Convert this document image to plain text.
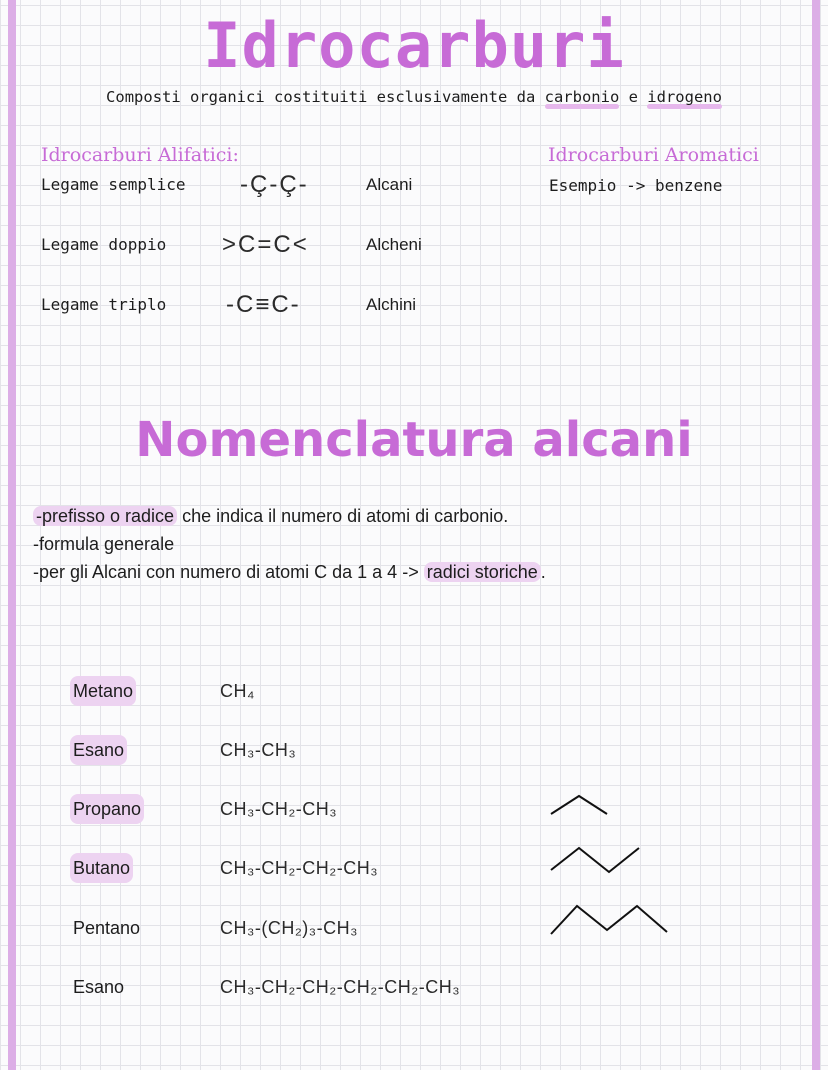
Idrocarburi
Composti organici costituiti esclusivamente da carbonio e idrogeno
Idrocarburi Alifatici:	Idrocarburi Aromatici
Esempio -> benzene
Legame semplice -Ç-Ç-	Alcani
Legame doppio >C=C<	Alcheni
Legame triplo -C≡C-	Alchini
Nomenclatura alcani
-prefisso o radice che indica il numero di atomi di carbonio.
-formula generale
-per gli Alcani con numero di atomi C da 1 a 4 -> radici storiche .
Metano	CH₄
Esano	CH₃-CH₃
Propano	CH₃-CH₂-CH₃
Butano	CH₃-CH₂-CH₂-CH₃
Pentano	CH₃-(CH₂)₃-CH₃
Esano	CH₃-CH₂-CH₂-CH₂-CH₂-CH₃
